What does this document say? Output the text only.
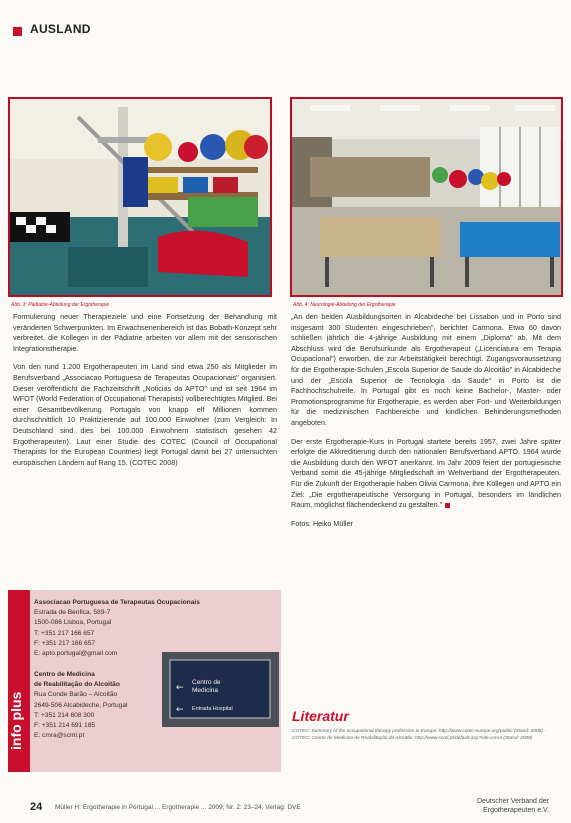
AUSLAND
Abb. 3: Pädiatrie-Abteilung der Ergotherapie	Abb. 4: Neurologie-Abteilung der Ergotherapie

Formulierung neuer Therapieziele und eine Fortsetzung der Behandlung mit veränderten Schwerpunkten. Im Erwachsenenbereich ist das Bobath-Konzept sehr verbreitet, die Kollegen in der Pädiatrie arbeiten vor allem mit der sensorischen Integrationstherapie.

Von den rund 1.200 Ergotherapeuten im Land sind etwa 250 als Mitglieder im Berufsverband „Associacao Portuguesa de Terapeutas Ocupacionais" organisiert. Dieser veröffentlicht die Fachzeitschrift „Noticias da APTO" und ist seit 1964 im WFOT (World Federation of Occupational Therapists) vollberechtigtes Mitglied. Bei einer Gesamtbevölkerung Portugals von knapp elf Millionen kommen durchschnittlich 10 Praktizierende auf 100.000 Einwohner (zum Vergleich: In Deutschland sind dies bei 100.000 Einwohnern statistisch gesehen 42 Ergotherapeuten). Laut einer Studie des COTEC (Council of Occupational Therapists for the European Countries) liegt Portugal damit bei 27 untersuchten europäischen Ländern auf Rang 15. (COTEC 2008)

„An den beiden Ausbildungsorten in Alcabideche bei Lissabon und in Porto sind insgesamt 300 Studenten eingeschrieben", berichtet Carmona. Etwa 60 davon schließen jährlich die 4-jährige Ausbildung mit einem „Diploma" ab. Mit dem Abschluss wird die Berufsurkunde als Ergotherapeut („Licenciatura em Terapia Ocupacional") erworben, die zur Arbeitstätigkeit berechtigt. Zugangsvoraussetzung für die Ergotherapie-Schulen „Escola Superior de Saude do Alcoitão" in Alcabideche und der „Escola Superior de Tecnologia da Saude" in Porto ist die Fachhochschulreife. In Portugal gibt es noch keine Bachelor-, Master- oder Promotionsprogramme für Ergotherapie, es werden aber Fort- und Weiterbildungen für die medizinischen Fachbereiche und kindlichen Behinderungsmethoden angeboten.

Der erste Ergotherapie-Kurs in Portugal startete bereits 1957, zwei Jahre später erfolgte die Akkreditierung durch den nationalen Berufsverband APTO. 1964 wurde die Ausbildung durch den WFOT anerkannt. Im Jahr 2009 feiert der portugiesische Verband somit die 45-jährige Mitgliedschaft im Weltverband der Ergotherapeuten. Für die Zukunft der Ergotherapie haben Olivia Carmona, ihre Kollegen und APTO ein Ziel: „Die ergotherapeutische Versorgung in Portugal, besonders im ländlichen Raum, möglichst flächendeckend zu gestalten."

Fotos: Heiko Müller

info plus
Associacao Portuguesa de Terapeutas Ocupacionais
Estrada de Benfica, 589-7
1500-086 Lisboa, Portugal
T: +351 217 166 657
F: +351 217 166 657
E: apto.portugal@gmail.com
Centro de Medicina
de Reabilitação do Alcoitão
Rua Conde Barão – Alcoitão
2649-506 Alcabideche, Portugal
T: +351 214 608 300
F: +351 214 691 185
E: cmra@scml.pt
←
Centro de
Medicina
← Entrada Hospital	Literatur
COTEC: Summary of the occupational therapy profession in Europe. http://www.cotec-europe.org/public (Stand: 2008) · COTEC: Centro de Medicina de Reabilitação do Alcoitão. http://www.scml.pt/default.asp?site=cmra (Stand: 2008)
24 Müller H: Ergotherapie in Portugal ... Ergotherapie ... 2009; Nr. 2: 23–24, Verlag: DVE
Deutscher Verband der
Ergotherapeuten e.V.
